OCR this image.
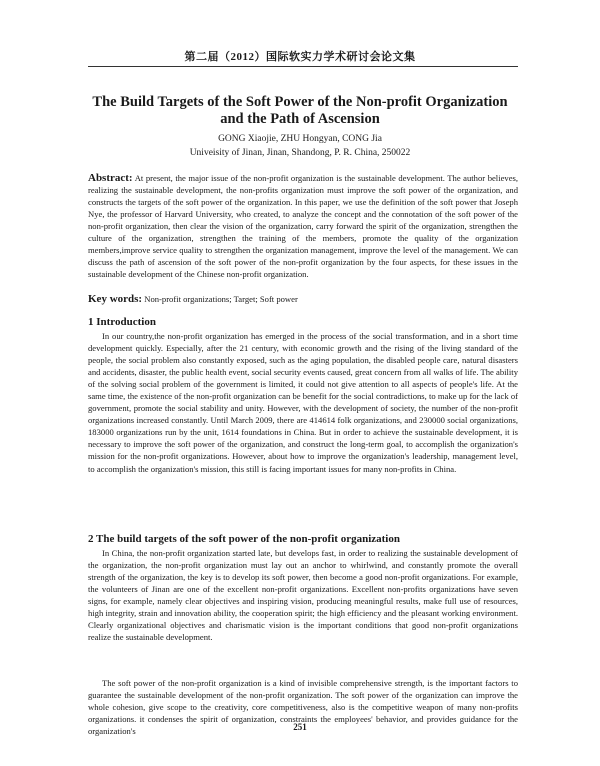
第二届（2012）国际软实力学术研讨会论文集
The Build Targets of the Soft Power of the Non-profit Organization and the Path of Ascension
GONG Xiaojie, ZHU Hongyan, CONG Jia
Univeisity of Jinan, Jinan, Shandong, P. R. China, 250022

Abstract: At present, the major issue of the non-profit organization is the sustainable development. The author believes, realizing the sustainable development, the non-profits organization must improve the soft power of the organization, and constructs the targets of the soft power of the organization. In this paper, we use the definition of the soft power that Joseph Nye, the professor of Harvard University, who created, to analyze the concept and the connotation of the soft power of the non-profit organization, then clear the vision of the organization, carry forward the spirit of the organization, strengthen the culture of the organization, strengthen the training of the members, promote the quality of the organization members,improve service quality to strengthen the organization management, improve the level of the management. We can discuss the path of ascension of the soft power of the non-profit organization by the four aspects, for these issues in the sustainable development of the Chinese non-profit organization.

Key words: Non-profit organizations; Target; Soft power

1 Introduction

In our country,the non-profit organization has emerged in the process of the social transformation, and in a short time development quickly. Especially, after the 21 century, with economic growth and the rising of the living standard of the people, the social problem also constantly exposed, such as the aging population, the disabled people care, natural disasters and accidents, disaster, the public health event, social security events caused, great concern from all walks of life. The ability of the solving social problem of the government is limited, it could not give attention to all aspects of people's life. At the same time, the existence of the non-profit organization can be benefit for the social contradictions, to make up for the lack of government, promote the social stability and unity. However, with the development of society, the number of the non-profit organizations increased constantly. Until March 2009, there are 414614 folk organizations, and 230000 social organizations, 183000 organizations run by the unit, 1614 foundations in China. But in order to achieve the sustainable development, it is necessary to improve the soft power of the organization, and construct the long-term goal, to accomplish the organization's mission for the non-profit organizations. However, about how to improve the organization's leadership, management level, to accomplish the organization's mission, this still is facing important issues for many non-profits in China.

2 The build targets of the soft power of the non-profit organization

In China, the non-profit organization started late, but develops fast, in order to realizing the sustainable development of the organization, the non-profit organization must lay out an anchor to whirlwind, and constantly promote the overall strength of the organization, the key is to develop its soft power, then become a good non-profit organizations. For example, the volunteers of Jinan are one of the excellent non-profit organizations. Excellent non-profits organizations have seven signs, for example, namely clear objectives and inspiring vision, producing meaningful results, make full use of resources, high integrity, strain and innovation ability, the cooperation spirit; the high efficiency and the pleasant working environment. Clearly organizational objectives and charismatic vision is the important conditions that good non-profit organizations realize the sustainable development.

The soft power of the non-profit organization is a kind of invisible comprehensive strength, is the important factors to guarantee the sustainable development of the non-profit organization. The soft power of the organization can improve the whole cohesion, give scope to the creativity, core competitiveness, also is the competitive weapon of many non-profits organizations. it condenses the spirit of organization, constraints the employees' behavior, and provides guidance for the organization's	251
